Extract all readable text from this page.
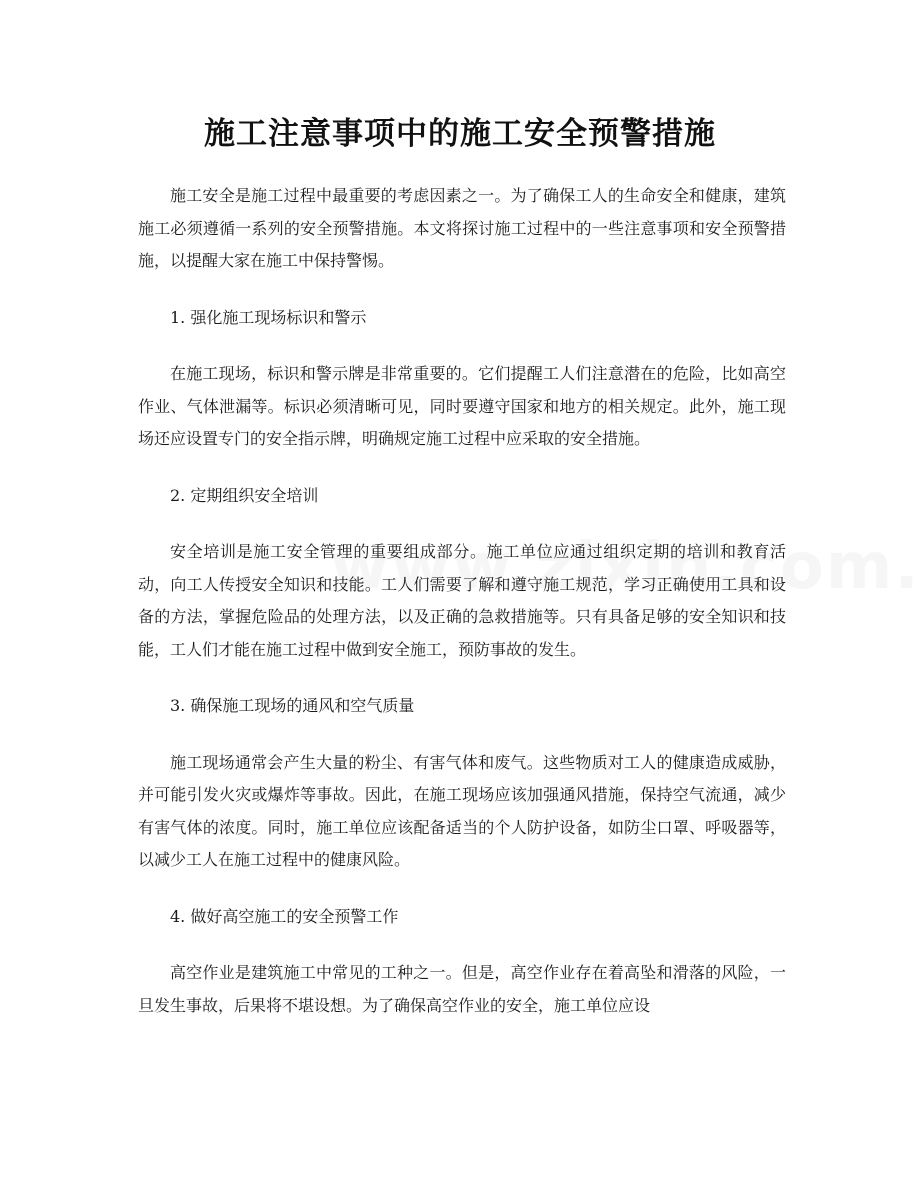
施工注意事项中的施工安全预警措施

施工安全是施工过程中最重要的考虑因素之一。为了确保工人的生命安全和健康，建筑施工必须遵循一系列的安全预警措施。本文将探讨施工过程中的一些注意事项和安全预警措施，以提醒大家在施工中保持警惕。

1. 强化施工现场标识和警示

在施工现场，标识和警示牌是非常重要的。它们提醒工人们注意潜在的危险，比如高空作业、气体泄漏等。标识必须清晰可见，同时要遵守国家和地方的相关规定。此外，施工现场还应设置专门的安全指示牌，明确规定施工过程中应采取的安全措施。

2. 定期组织安全培训

安全培训是施工安全管理的重要组成部分。施工单位应通过组织定期的培训和教育活动，向工人传授安全知识和技能。工人们需要了解和遵守施工规范，学习正确使用工具和设备的方法，掌握危险品的处理方法，以及正确的急救措施等。只有具备足够的安全知识和技能，工人们才能在施工过程中做到安全施工，预防事故的发生。

3. 确保施工现场的通风和空气质量

施工现场通常会产生大量的粉尘、有害气体和废气。这些物质对工人的健康造成威胁，并可能引发火灾或爆炸等事故。因此，在施工现场应该加强通风措施，保持空气流通，减少有害气体的浓度。同时，施工单位应该配备适当的个人防护设备，如防尘口罩、呼吸器等，以减少工人在施工过程中的健康风险。

4. 做好高空施工的安全预警工作

高空作业是建筑施工中常见的工种之一。但是，高空作业存在着高坠和滑落的风险，一旦发生事故，后果将不堪设想。为了确保高空作业的安全，施工单位应设
